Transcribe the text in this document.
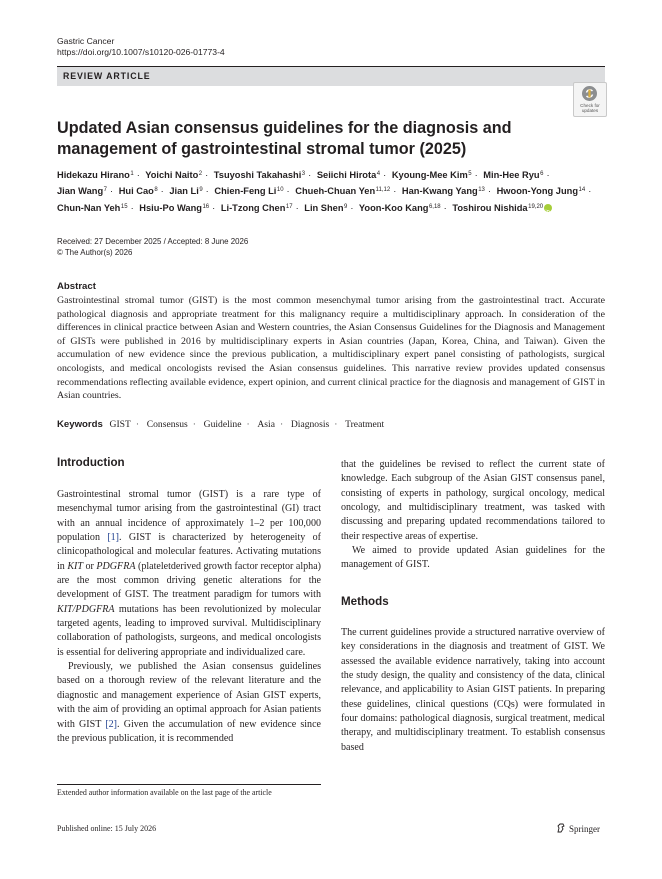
Gastric Cancer
https://doi.org/10.1007/s10120-026-01773-4
REVIEW ARTICLE
Check for
updates
Updated Asian consensus guidelines for the diagnosis and management of gastrointestinal stromal tumor (2025)
Hidekazu Hirano$^1$ · Yoichi Naito$^2$ · Tsuyoshi Takahashi$^3$ · Seiichi Hirota$^4$ · Kyoung-Mee Kim$^5$ · Min-Hee Ryu$^6$ ·
Jian Wang$^7$ · Hui Cao$^8$ · Jian $Li^9$ · Chien-Feng $Li^{10}$ · Chueh-Chuan Yen$^{11,12}$ · Han-Kwang Yang$^{13}$ · Hwoon-Yong Jung$^{14}$ ·
Chun-Nan Yeh$^{15}$ · Hsiu-Po Wang$^{16}$ · Li-Tzong Chen$^{17}$ · Lin Shen$^9$ · Yoon-Koo Kang$^{6,18}$ · Toshirou Nishida$^{19,20}$iD
Received: 27 December 2025 / Accepted: 8 June 2026
© The Author(s) 2026
Abstract
Gastrointestinal stromal tumor (GIST) is the most common mesenchymal tumor arising from the gastrointestinal tract. Accurate pathological diagnosis and appropriate treatment for this malignancy require a multidisciplinary approach. In consideration of the differences in clinical practice between Asian and Western countries, the Asian Consensus Guidelines for the Diagnosis and Management of GISTs were published in 2016 by multidisciplinary experts in Asian countries (Japan, Korea, China, and Taiwan). Given the accumulation of new evidence since the previous publication, a multidisciplinary expert panel consisting of pathologists, surgical oncologists, and medical oncologists revised the Asian consensus guidelines. This narrative review provides updated consensus recommendations reflecting available evidence, expert opinion, and current clinical practice for the diagnosis and management of GIST in Asian countries.
Keywords GIST · Consensus · Guideline · Asia · Diagnosis · Treatment
Introduction

Gastrointestinal stromal tumor (GIST) is a rare type of mesenchymal tumor arising from the gastrointestinal (GI) tract with an annual incidence of approximately 1–2 per 100,000 population [1]. GIST is characterized by heterogeneity of clinicopathological and molecular features. Activating mutations in KIT or PDGFRA (plateletderived growth factor receptor alpha) are the most common driving genetic alterations for the development of GIST. The treatment paradigm for tumors with KIT/PDGFRA mutations has been revolutionized by molecular targeted agents, leading to improved survival. Multidisciplinary collaboration of pathologists, surgeons, and medical oncologists is essential for delivering appropriate and individualized care.

Previously, we published the Asian consensus guidelines based on a thorough review of the relevant literature and the diagnostic and management experience of Asian GIST experts, with the aim of providing an optimal approach for Asian patients with GIST [2]. Given the accumulation of new evidence since the previous publication, it is recommended

that the guidelines be revised to reflect the current state of knowledge. Each subgroup of the Asian GIST consensus panel, consisting of experts in pathology, surgical oncology, medical oncology, and multidisciplinary treatment, was tasked with discussing and preparing updated recommendations tailored to their respective areas of expertise.

We aimed to provide updated Asian guidelines for the management of GIST.

Methods

The current guidelines provide a structured narrative overview of key considerations in the diagnosis and treatment of GIST. We assessed the available evidence narratively, taking into account the study design, the quality and consistency of the data, clinical relevance, and applicability to Asian GIST patients. In preparing these guidelines, clinical questions (CQs) were formulated in four domains: pathological diagnosis, surgical treatment, medical therapy, and multidisciplinary treatment. To establish consensus based

Extended author information available on the last page of the article
Published online: 15 July 2026	Springer
